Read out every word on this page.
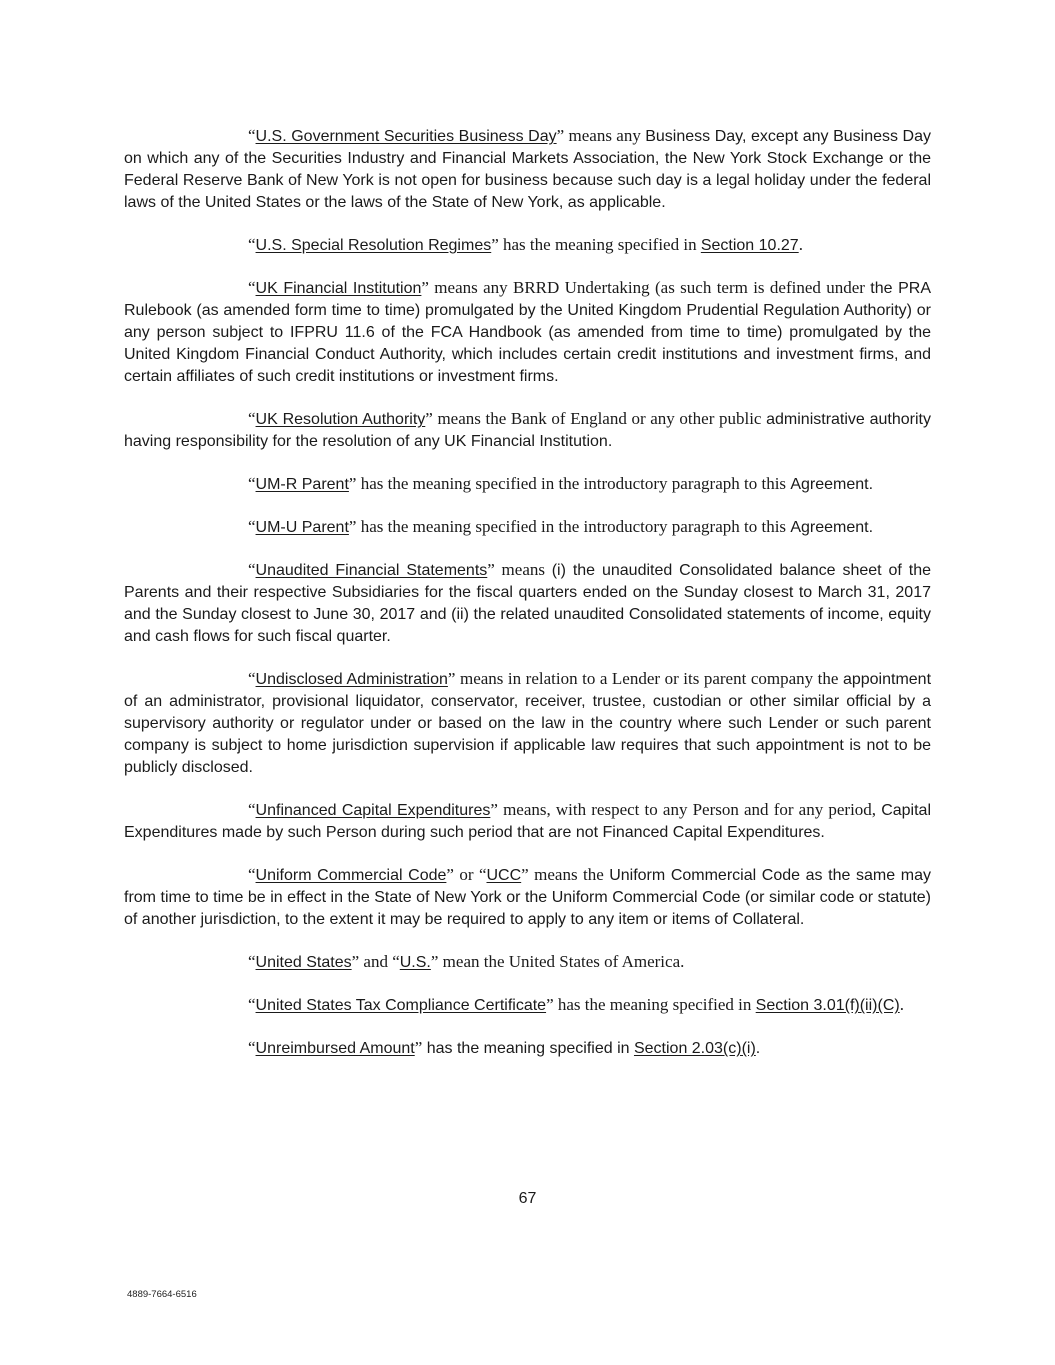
“U.S. Government Securities Business Day” means any Business Day, except any Business Day on which any of the Securities Industry and Financial Markets Association, the New York Stock Exchange or the Federal Reserve Bank of New York is not open for business because such day is a legal holiday under the federal laws of the United States or the laws of the State of New York, as applicable.

“U.S. Special Resolution Regimes” has the meaning specified in Section 10.27.

“UK Financial Institution” means any BRRD Undertaking (as such term is defined under the PRA Rulebook (as amended form time to time) promulgated by the United Kingdom Prudential Regulation Authority) or any person subject to IFPRU 11.6 of the FCA Handbook (as amended from time to time) promulgated by the United Kingdom Financial Conduct Authority, which includes certain credit institutions and investment firms, and certain affiliates of such credit institutions or investment firms.

“UK Resolution Authority” means the Bank of England or any other public administrative authority having responsibility for the resolution of any UK Financial Institution.

“UM-R Parent” has the meaning specified in the introductory paragraph to this Agreement.

“UM-U Parent” has the meaning specified in the introductory paragraph to this Agreement.

“Unaudited Financial Statements” means (i) the unaudited Consolidated balance sheet of the Parents and their respective Subsidiaries for the fiscal quarters ended on the Sunday closest to March 31, 2017 and the Sunday closest to June 30, 2017 and (ii) the related unaudited Consolidated statements of income, equity and cash flows for such fiscal quarter.

“Undisclosed Administration” means in relation to a Lender or its parent company the appointment of an administrator, provisional liquidator, conservator, receiver, trustee, custodian or other similar official by a supervisory authority or regulator under or based on the law in the country where such Lender or such parent company is subject to home jurisdiction supervision if applicable law requires that such appointment is not to be publicly disclosed.

“Unfinanced Capital Expenditures” means, with respect to any Person and for any period, Capital Expenditures made by such Person during such period that are not Financed Capital Expenditures.

“Uniform Commercial Code” or “UCC” means the Uniform Commercial Code as the same may from time to time be in effect in the State of New York or the Uniform Commercial Code (or similar code or statute) of another jurisdiction, to the extent it may be required to apply to any item or items of Collateral.

“United States” and “U.S.” mean the United States of America.

“United States Tax Compliance Certificate” has the meaning specified in Section 3.01(f)(ii)(C).

“Unreimbursed Amount” has the meaning specified in Section 2.03(c)(i).

67
4889-7664-6516
